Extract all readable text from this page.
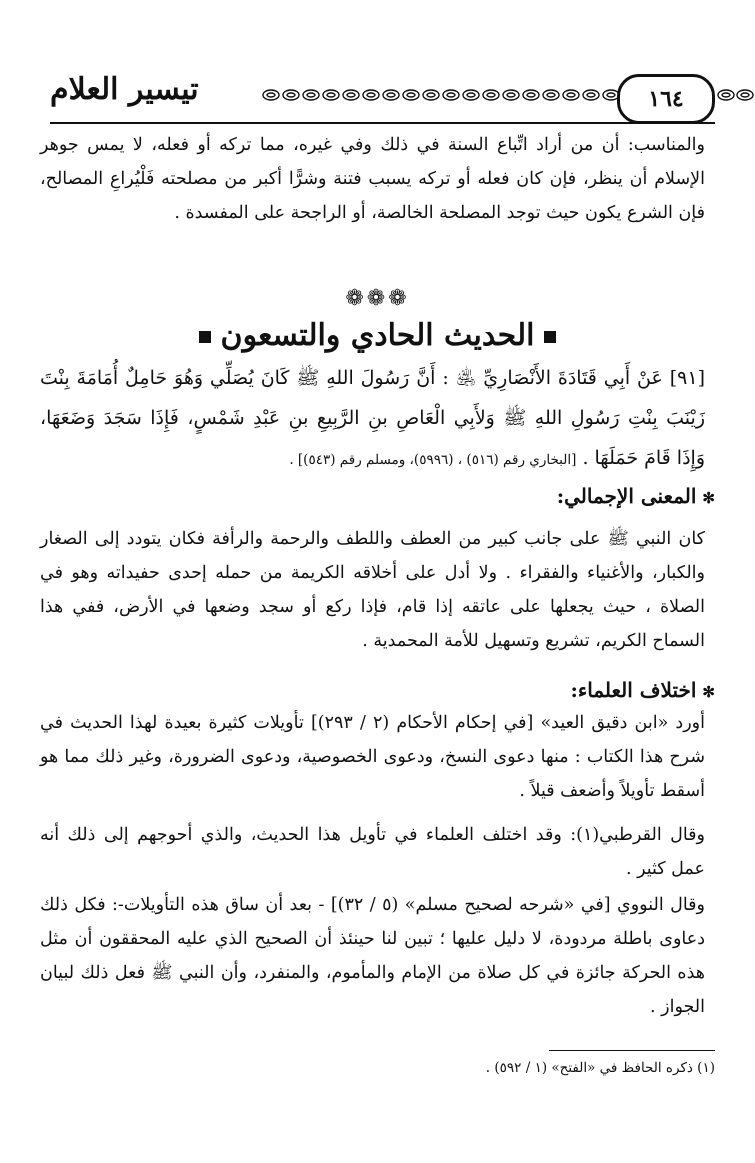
١٦٤
تيسير العلام
والمناسب: أن من أراد اتِّباع السنة في ذلك وفي غيره، مما تركه أو فعله، لا يمس جوهر الإسلام أن ينظر، فإن كان فعله أو تركه يسبب فتنة وشرًّا أكبر من مصلحته فَلْيُراعِ المصالح، فإن الشرع يكون حيث توجد المصلحة الخالصة، أو الراجحة على المفسدة .
❁❁❁
الحديث الحادي والتسعون
[٩١] عَنْ أَبِي قَتَادَةَ الأَنْصَارِيِّ ﵁ : أَنَّ رَسُولَ اللهِ ﷺ كَانَ يُصَلِّي وَهُوَ حَامِلٌ أُمَامَةَ بِنْتَ زَيْنَبَ بِنْتِ رَسُولِ اللهِ ﷺ وَلأَبِي الْعَاصِ بنِ الرَّبِيعِ بنِ عَبْدِ شَمْسٍ، فَإِذَا سَجَدَ وَضَعَهَا، وَإِذَا قَامَ حَمَلَهَا . [البخاري رقم (٥١٦) ، (٥٩٩٦)، ومسلم رقم (٥٤٣)] .
✻المعنى الإجمالي:
كان النبي ﷺ على جانب كبير من العطف واللطف والرحمة والرأفة فكان يتودد إلى الصغار والكبار، والأغنياء والفقراء . ولا أدل على أخلاقه الكريمة من حمله إحدى حفيداته وهو في الصلاة ، حيث يجعلها على عاتقه إذا قام، فإذا ركع أو سجد وضعها في الأرض، ففي هذا السماح الكريم، تشريع وتسهيل للأمة المحمدية .
✻اختلاف العلماء:
أورد «ابن دقيق العيد» [في إحكام الأحكام (٢ / ٢٩٣)] تأويلات كثيرة بعيدة لهذا الحديث في شرح هذا الكتاب : منها دعوى النسخ، ودعوى الخصوصية، ودعوى الضرورة، وغير ذلك مما هو أسقط تأويلاً وأضعف قيلاً .
وقال القرطبي(١): وقد اختلف العلماء في تأويل هذا الحديث، والذي أحوجهم إلى ذلك أنه عمل كثير .
وقال النووي [في «شرحه لصحيح مسلم» (٥ / ٣٢)] - بعد أن ساق هذه التأويلات-: فكل ذلك دعاوى باطلة مردودة، لا دليل عليها ؛ تبين لنا حينئذ أن الصحيح الذي عليه المحققون أن مثل هذه الحركة جائزة في كل صلاة من الإمام والمأموم، والمنفرد، وأن النبي ﷺ فعل ذلك لبيان الجواز .
(١) ذكره الحافظ في «الفتح» (١ / ٥٩٢) .
